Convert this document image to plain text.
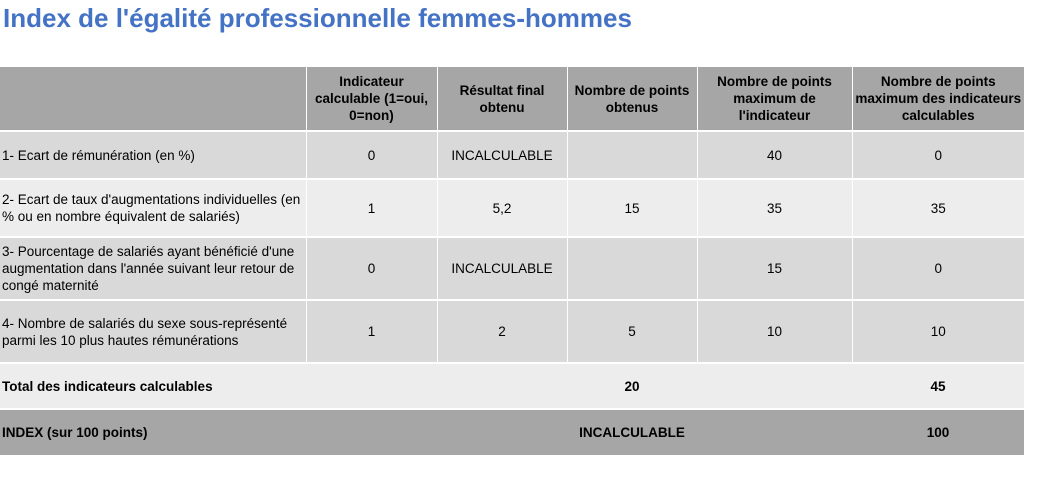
Index de l'égalité professionnelle femmes-hommes
	Indicateur calculable (1=oui, 0=non)	Résultat final obtenu	Nombre de points obtenus	Nombre de points maximum de l'indicateur	Nombre de points maximum des indicateurs calculables
1- Ecart de rémunération (en %)	0	INCALCULABLE		40	0
2- Ecart de taux d'augmentations individuelles (en % ou en nombre équivalent de salariés)	1	5,2	15	35	35
3- Pourcentage de salariés ayant bénéficié d'une augmentation dans l'année suivant leur retour de congé maternité	0	INCALCULABLE		15	0
4- Nombre de salariés du sexe sous-représenté parmi les 10 plus hautes rémunérations	1	2	5	10	10
Total des indicateurs calculables			20		45
INDEX (sur 100 points)			INCALCULABLE		100
